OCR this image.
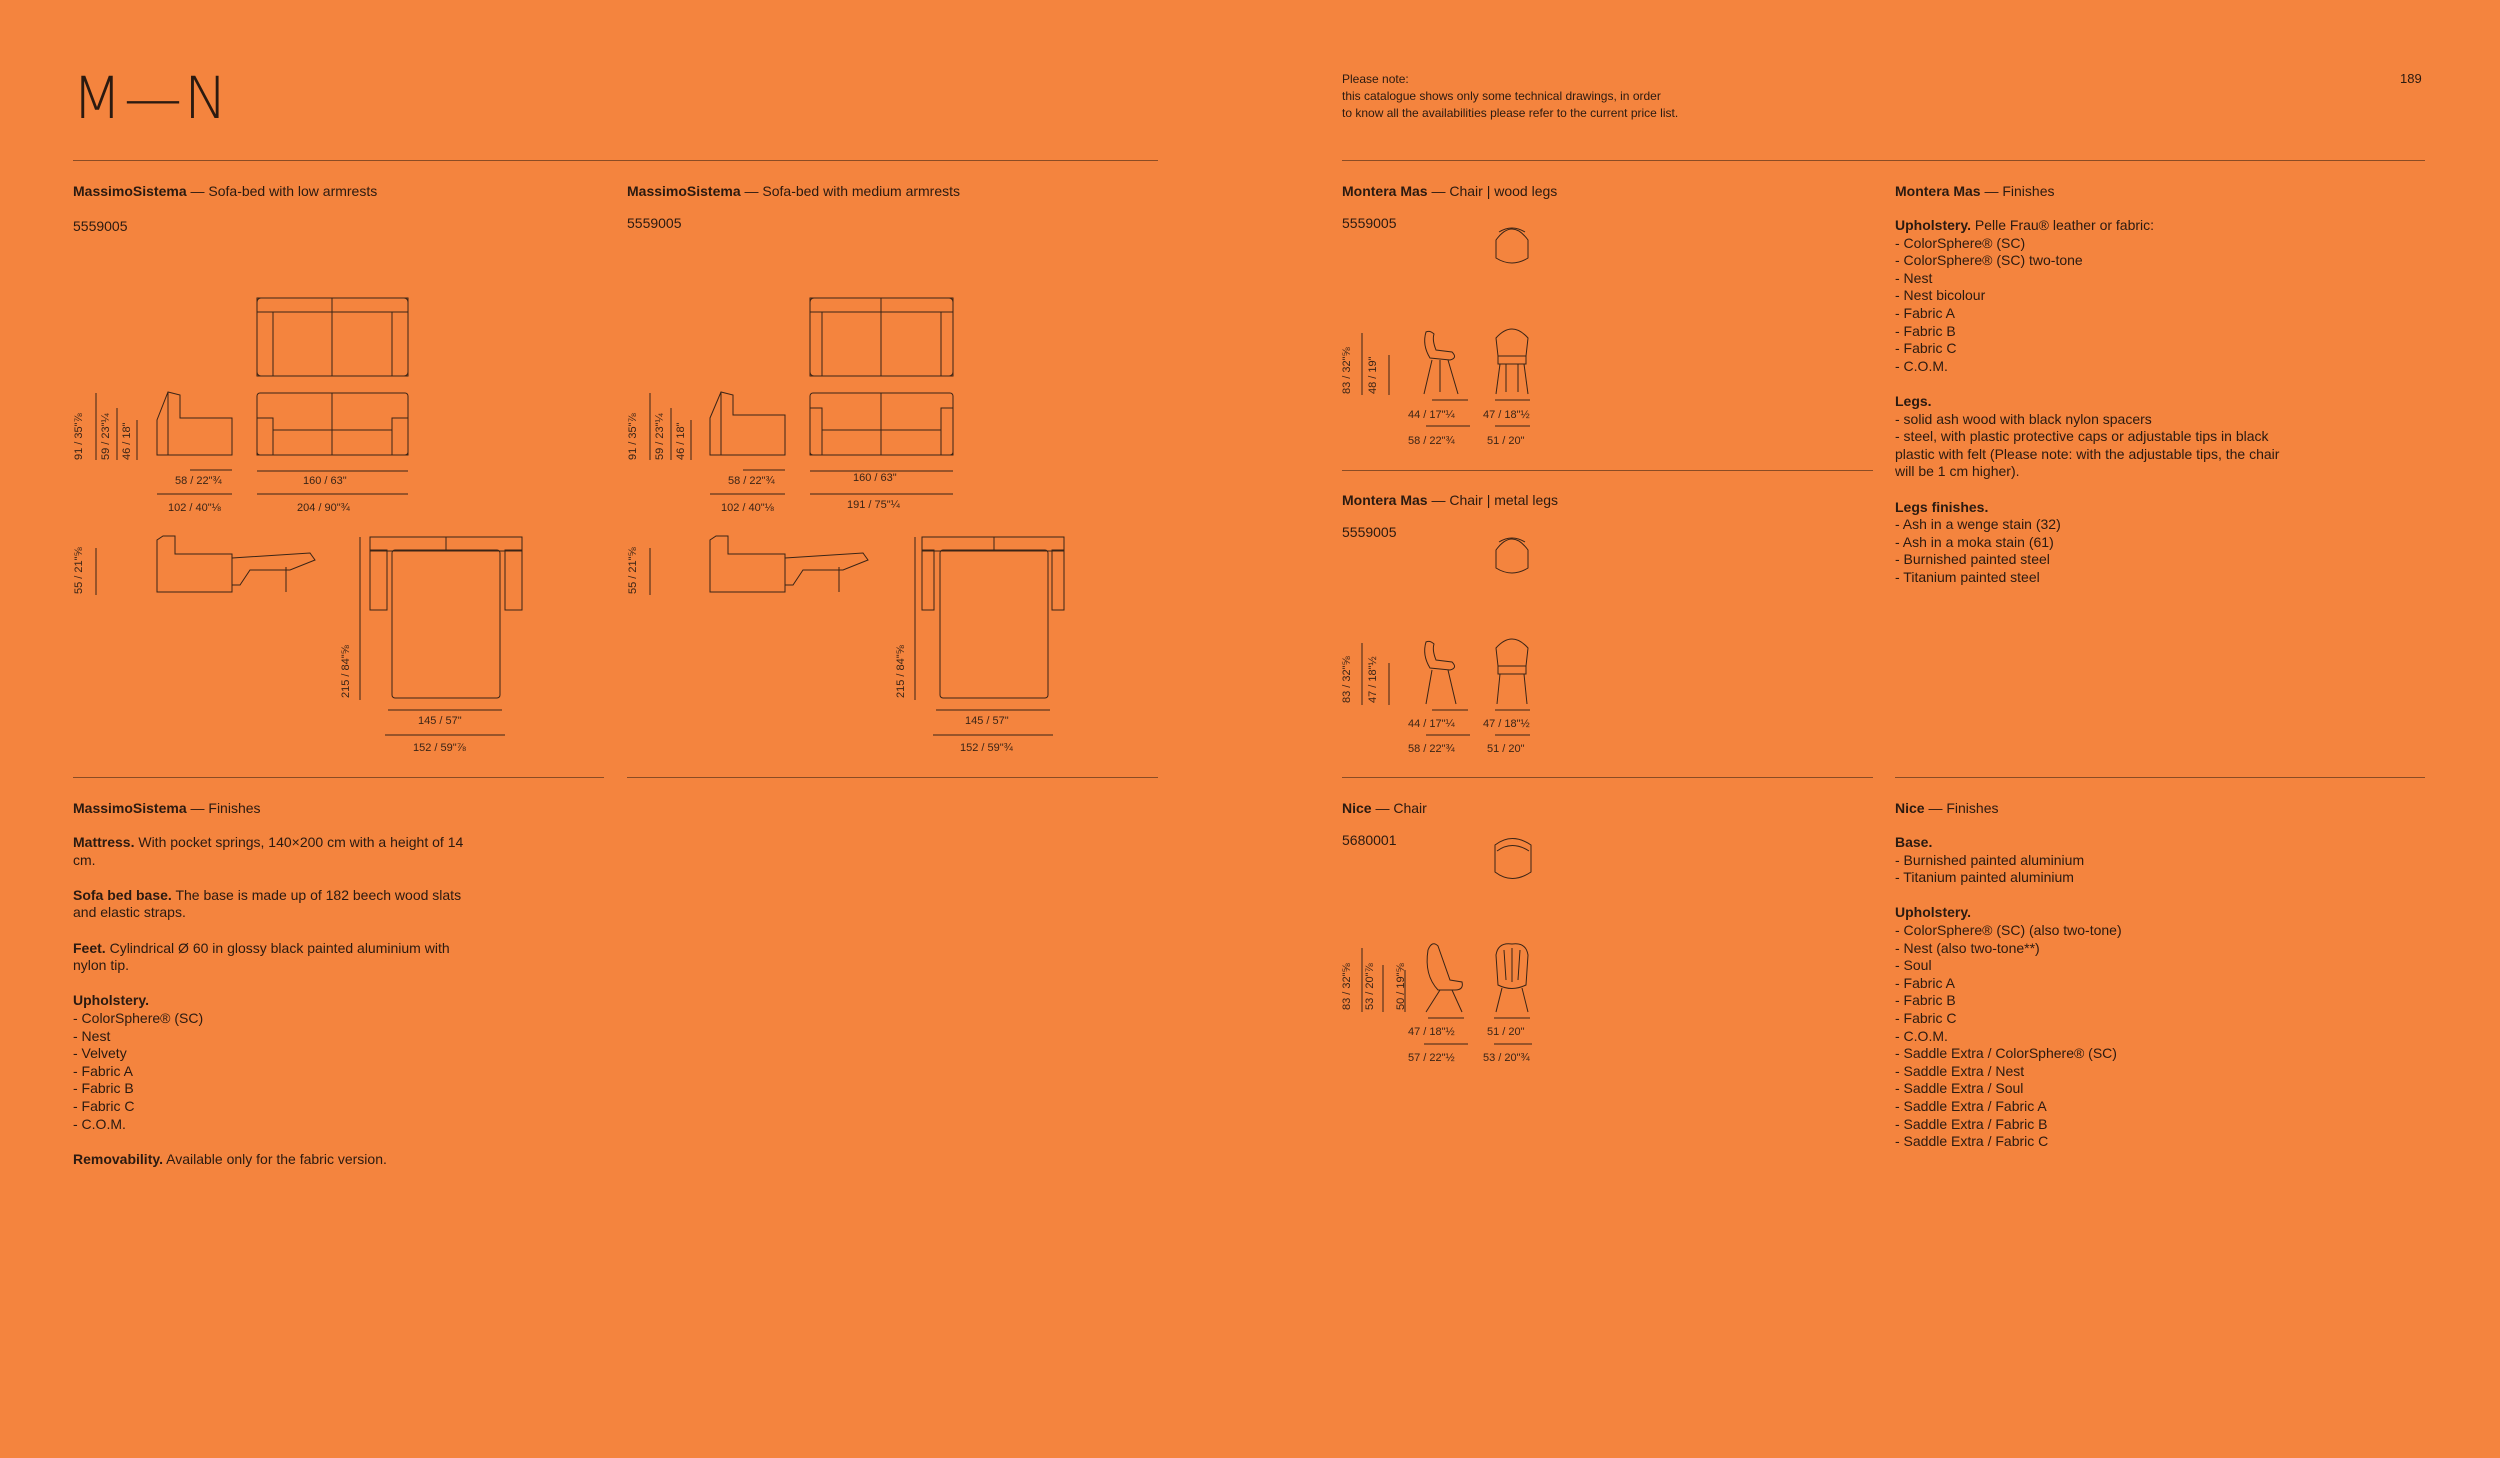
M—N	Please note:
this catalogue shows only some technical drawings, in order
to know all the availabilities please refer to the current price list.
189
MassimoSistema — Sofa-bed with low armrests
5559005
58 / 22"¾
102 / 40"⅛
160 / 63"
204 / 90"¾
91 / 35"⅞ 59 / 23"¼ 46 / 18"
55 / 21"⅝
215 / 84"⅝
145 / 57"
152 / 59"⅞
MassimoSistema — Sofa-bed with medium armrests
5559005
58 / 22"¾
102 / 40"⅛
160 / 63"
191 / 75"¼
91 / 35"⅞ 59 / 23"¼ 46 / 18"
55 / 21"⅝
215 / 84"⅝
145 / 57"
152 / 59"¾
MassimoSistema — Finishes

Mattress. With pocket springs, 140×200 cm with a height of 14 cm.

Sofa bed base. The base is made up of 182 beech wood slats and elastic straps.

Feet. Cylindrical Ø 60 in glossy black painted aluminium with nylon tip.

Upholstery.

- ColorSphere® (SC)
- Nest
- Velvety
- Fabric A
- Fabric B
- Fabric C
- C.O.M.

Removability. Available only for the fabric version.

Montera Mas — Chair | wood legs
5559005
83 / 32"⅝ 48 / 19"
44 / 17"¼	47 / 18"½
58 / 22"¾	51 / 20"
Montera Mas — Chair | metal legs
5559005
83 / 32"⅝ 47 / 18"½
44 / 17"¼	47 / 18"½
58 / 22"¾	51 / 20"
Montera Mas — Finishes

Upholstery. Pelle Frau® leather or fabric:

- ColorSphere® (SC)
- ColorSphere® (SC) two-tone
- Nest
- Nest bicolour
- Fabric A
- Fabric B
- Fabric C
- C.O.M.

Legs.

- solid ash wood with black nylon spacers
- steel, with plastic protective caps or adjustable tips in black plastic with felt (Please note: with the adjustable tips, the chair will be 1 cm higher).

Legs finishes.

- Ash in a wenge stain (32)
- Ash in a moka stain (61)
- Burnished painted steel
- Titanium painted steel
Nice — Chair
5680001
83 / 32"⅝ 53 / 20"⅞ 50 / 19"⅝
47 / 18"½	51 / 20"
57 / 22"½	53 / 20"¾
Nice — Finishes

Base.

- Burnished painted aluminium
- Titanium painted aluminium

Upholstery.

- ColorSphere® (SC) (also two-tone)
- Nest (also two-tone**)
- Soul
- Fabric A
- Fabric B
- Fabric C
- C.O.M.
- Saddle Extra / ColorSphere® (SC)
- Saddle Extra / Nest
- Saddle Extra / Soul
- Saddle Extra / Fabric A
- Saddle Extra / Fabric B
- Saddle Extra / Fabric C
